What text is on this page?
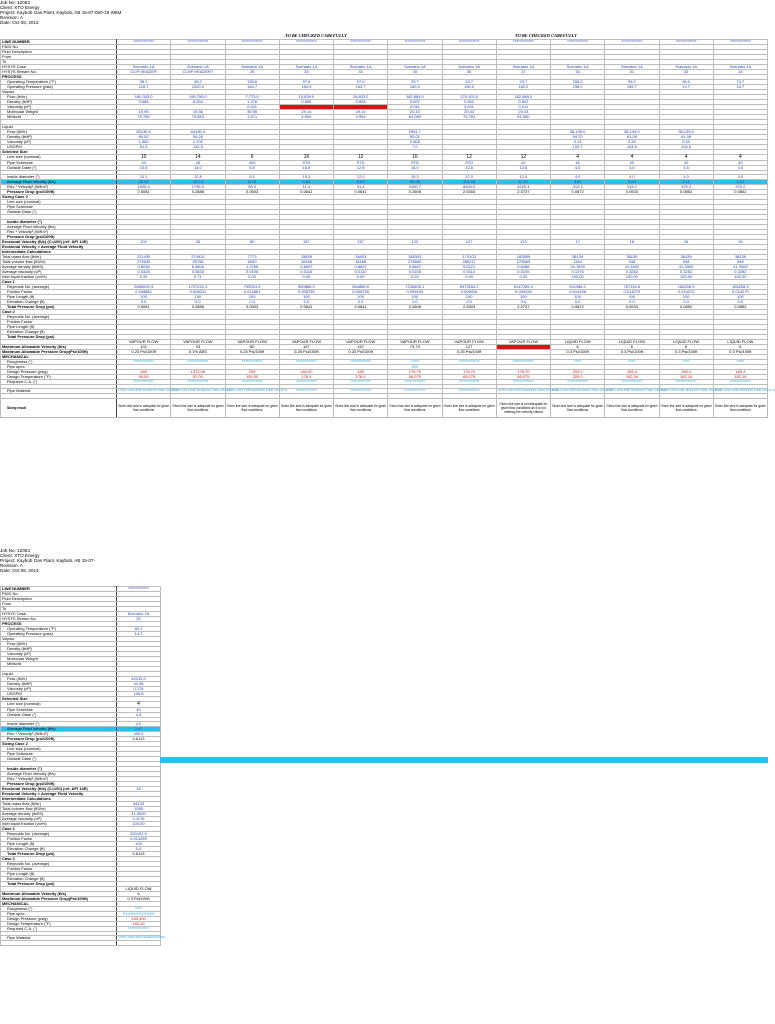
Job No: 12053
Client: XTO Energy
Project: Kaybob Gas Plant, Kaybob, AB 15-07-060-18 W5M
Revision: A
Date: Oct 08, 2013
TO BE CHECKED CAREFULLY	TO BE CHECKED CAREFULLY
LINE NUMBER	XXXXXXXXXXXX	XXXXXXXXXXXX	XXXXXXXXXXXX	XXXXXXXXXXXX	XXXXXXXXXXXX	XXXXXXXXXXXX	XXXXXXXXXXXX	XXXXXXXXXXXX	XXXXXXXXXXXX	XXXXXXXXXXXX	XXXXXXXXXXXX	XXXXXXXXXXXX
P&ID No.												
Fluid Description												
From												
To												
HYSYS Case	Scenario 1A	Scenario 1A	Scenario 1A	Scenario 1A	Scenario 1A	Scenario 1A	Scenario 1A	Scenario 1A	Scenario 1A	Scenario 1A	Scenario 1A	Scenario 1A
HYSYS Stream No.	CLIP HEADER	CLHP HEADER?	29	33	34	35	36	37	30	31	32	18
PROCESS												
Operating Temperature (°F)	38.1	38.2	139.6	97.0	97.0	23.7	23.7	23.7	250.0	95.2	96.0	74.7
Operating Pressure (psia)	115.7	1020.0	164.7	154.9	164.7	160.0	160.0	162.0	158.0	159.7	14.7	14.7
Vapour												
Flow (lb/hr)	160,303.0	190,759.0	7,773.0	15,839.0	15,803.0	182,889.0	179,103.0	182,889.0				
Density (lb/ft³)	0.585	5.534	1.276	0.895	0.895	0.822	0.822	0.822				
Viscosity (cP)			0.011			0.011	0.011	0.011				
Molecular Weight	19.95	19.36	30.95	29.14	29.14	20.43	20.43	20.43				
MMscfd	79.780	79.863	1.671	4.994	4.994	81.080	79.781	81.080				

Liquid												
Flow (lb/hr)	50130.0	84180.0				2951.7			38,139.0	38,139.0	38,139.0	
Density (lb/ft³)	60.52	54.26				65.01			54.70	61.08	61.08	
Viscosity (cP)	1.560	1.700				0.805			0.13	0.33	0.33	
USGPM	81.5	132.5				7.0			102.7	104.6	104.6	
Selected Size												
Line size (nominal)	10	14	6	16	12	16	12	12	4	4	4	4
Pipe Schedule	40	40	40S	STD	STD	STD	STD	40	40	40	40	40
Outside Diam (")	10.8	14.0	6.6	16.0	12.8	16.0	12.8	12.8	4.5	4.5	4.5	4.5

Inside diameter (")	10.1	12.8	6.1	15.3	12.0	15.3	12.0	12.0	4.0	4.0	4.0	4.0
Average Fluid Velocity (ft/s)	26.42	19.74	6.79	4.80	5.93	40.98	101.08	87.02	3.82	5.24	3.12	3.12
Rho * Velocity² (lb/ft.s²)	1625.4	1795.0	85.3	11.4	31.4	2450.7	8494.2	6225.4	412.1	315.2	375.2	375.2
Pressure Drop (psi/100ft)	0.5081	0.2888	0.0503	0.0641	0.0641	0.2606	2.5303	2.0737	0.0872	0.0933	0.0852	0.0852
Sizing Case 2												
Line size (nominal)												
Pipe Schedule												
Outside Diam (")												

Inside diameter (")												
Average Fluid Velocity (ft/s)												
Rho * Velocity² (lb/ft.s²)												
Pressure Drop (psi/100ft)												
Erosional Velocity (ft/s) (C=100) (ref. API 14E)	101	33	80	157	157	122	127	123	17	18	16	16
Erosional Velocity > Average Fluid Velocity												
Intermediate Calculations												
Total mass flow (lb/hr)	221430	274910	7773	15839	15803	185341	179103	182889	38139	38139	38139	38139
Total volume flow (ft3/hr)	279633	33758	6090	18168	18168	278060	286217	279683	1164	948	948	948
Average density (lb/ft3)	0.8036	8.4805	1.2766	0.8697	0.8697	0.6687	0.6221	0.6486	34.7600	41.3300	41.3300	41.3300
Average viscosity (cP)	0.0328	0.0833	0.0106	0.0115	0.0110	0.0106	0.0110	0.0105	0.1276	0.3282	0.3282	0.3282
Inlet liquid fraction (vol%)	0.31	0.71	0.00	0.00	0.00	0.02	0.00	0.00	100.00	100.00	100.00	100.00
Case 1												
Reynolds No. (average)	2885000.3	1707242.3	795024.5	550888.9	564888.6	7236605.1	6979184.2	6147285.4	941086.1	787116.6	166208.9	166208.9
Friction Factor	0.008861	0.008311	0.012861	0.008755	0.008755	0.005193	0.009426	0.009426	0.014198	0.014270	0.014270	0.014270
Pipe Length (ft)	100	100	100	100	100	100	100	100	100	100	100	100
Elevation Change (ft)	0.0	0.0	0.0	0.0	0.0	0.0	0.0	0.0	0.0	0.0	0.0	0.0
Total Pressure Drop (psi)	0.5081	0.2888	0.0503	0.0641	0.0641	0.2606	2.5303	2.0737	0.0872	0.0933	0.0852	0.0852
Case 2												
Reynolds No. (average)												
Friction Factor												
Pipe Length (ft)												
Elevation Change (ft)												
Total Pressure Drop (psi)												
	VAPOUR FLOW	VAPOUR FLOW	VAPOUR FLOW	VAPOUR FLOW	VAPOUR FLOW	VAPOUR FLOW	VAPOUR FLOW	VAPOUR FLOW	LIQUID FLOW	LIQUID FLOW	LIQUID FLOW	LIQUID FLOW
Maximum Allowable Velocity (ft/s)	101	33	80	157	157	73.73	127		6	6	6	6
Maximum Allowable Pressure Drop(Psi/100ft)	0.25 Psi/100ft	0.1% ABS	0.25 Psi/100ft	0.25 Psi/100ft	0.25 Psi/100ft		0.25 Psi/100ft		0.3 Psi/100ft	0.3 Psi/100ft	0.3 Psi/100ft	0.3 Psi/100ft
MECHANICAL												
Roughness (")	XXXXXXXXXXXX	XXXXXXXXXXXX	XXXXXXXXXXXX	XXXXXXXXXXXX	XXXXXXXXXXXX	0.0018	XXXXXXXXXXXX	XXXXXXXXXXXX	XXXX	XXXX	XXXX	XXXX
Pipe spec.						600						
Design Pressure (psig)	180	1372.06	200	180.00	180	176.70	176.70	176.70	202.0	183.4	183.4	183.4
Design Temperature (°F)	90.00	57.00	190.00	176.4	176.4	66.075	65.075	66.075	320.0	182.16	182.16	182.16
Required C.A. (")	XXXXXXXXXXXX	XXXXXXXXXXXX	XXXXXXXXXXXX	XXXXXXXXXXXX	XXXXXXXXXXXX	XXXXXXXXXXXX	XXXXXXXXXXXX	XXXXXXXXXXXX	XXXXXXXXXXXX	XXXXXXXXXXXX	XXXXXXXXXXXX	XXXXXXXXXXXX

Pipe Material	ASTM A 106/A 53(B) SEAMLESS STEEL (A53-B Gr)	ASTM A 106/A 53(B) SEAMLESS STEEL (A53-B Gr)	ASTM A 106/A 53(B) SEAMLESS STEEL (A53-B Gr)	XXXXXXXXXXXX	XXXXXXXXXXXX	XXXXXXXXXXXX	XXXXXXXXXXXX	ASTM A 106/A 53(B) SEAMLESS STEEL (A53-B Gr)	ASTM A 106/A 53(B) SEAMLESS STEEL (A53-B Gr)	ASTM A 106/A 53(B) SEAMLESS STEEL (A53-B Gr)	ASTM A 106/A 53(B) SEAMLESS STEEL (A53-B Gr)	ASTM A 106/A 53(B) SEAMLESS STEEL (A53-B Gr)

Sizing result	Given line size is adequate for given flow conditions	Given line size is adequate for given flow conditions	Given line size is adequate for given flow conditions	Given line size is adequate for given flow conditions	Given line size is adequate for given flow conditions	Given line size is adequate for given flow conditions	Given line size is adequate for given flow conditions	Given line size is not adequate for given flow conditions as it is not meeting the velocity criteria	Given line size is adequate for given flow conditions	Given line size is adequate for given flow conditions	Given line size is adequate for given flow conditions	Given line size is adequate for given flow conditions
Job No: 12053
Client: XTO Energy
Project: Kaybob Gas Plant, Kaybob, AB 15-07-
Revision: A
Date: Oct 08, 2013
LINE NUMBER	XXXXXXXXXXXX
P&ID No.	
Fluid Description	
From	
To	
HYSYS Case	Scenario 1A
HYSYS Stream No.	30
PROCESS	
Operating Temperature (°F)	80.1
Operating Pressure (psia)	14.7
Vapour	
Flow (lb/hr)	
Density (lb/ft³)	
Viscosity (cP)	
Molecular Weight	
MMscfd	

Liquid	
Flow (lb/hr)	44133.0
Density (lb/ft³)	41.06
Viscosity (cP)	0.176
USGPM	134.8
Selected Size	
Line size (nominal)	4
Pipe Schedule	40
Outside Diam (")	4.5

Inside diameter (")	4.0
Average Fluid Velocity (ft/s)	3.47
Rho * Velocity² (lb/ft.s²)	495.5
Pressure Drop (psi/100ft)	0.6113
Sizing Case 2	
Line size (nominal)	
Pipe Schedule	
Outside Diam (")	

Inside diameter (")	
Average Fluid Velocity (ft/s)	
Rho * Velocity² (lb/ft.s²)	
Pressure Drop (psi/100ft)	
Erosional Velocity (ft/s) (C=100) (ref. API 14E)	18
Erosional Velocity > Average Fluid Velocity	
Intermediate Calculations	
Total mass flow (lb/hr)	44133
Total volume flow (ft3/hr)	1080
Average density (lb/ft3)	41.0500
Average viscosity (cP)	0.1176
Inlet liquid fraction (vol%)	100.00
Case 1	
Reynolds No. (average)	220191.0
Friction Factor	0.014289
Pipe Length (ft)	100
Elevation Change (ft)	0.0
Total Pressure Drop (psi)	0.6113
Case 2	
Reynolds No. (average)	
Friction Factor	
Pipe Length (ft)	
Elevation Change (ft)	
Total Pressure Drop (psi)	
	LIQUID FLOW
Maximum Allowable Velocity (ft/s)	6
Maximum Allowable Pressure Drop(Psi/100ft)	0.3 Psi/100ft
MECHANICAL	
Roughness (")	XXXX
Pipe spec.	XXXXXXXXXXXX
Design Pressure (psig)	183.400
Design Temperature (°F)	182.16
Required C.A. (")	XXXXXXXXXXXX

Pipe Material	ASTM A 106/A 53(B) SEAMLESS STEEL
